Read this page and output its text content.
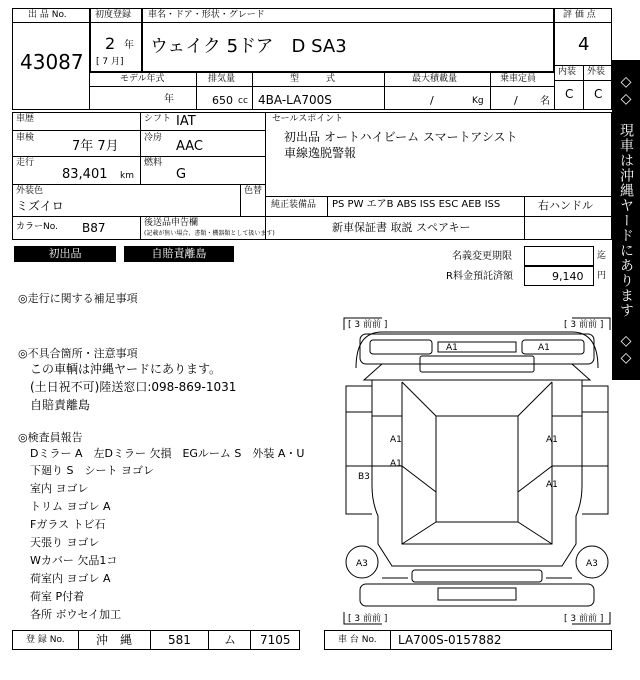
出 品 No.
43087
初度登録
2 年
[ 7 月]
車名・ドア・形状・グレード
ウェイク 5ドア　D SA3
評 価 点
4
内装 外装
C C
モデル年式	排気量	型　　　式	最大積載量	乗車定員
年	650 cc 4BA-LA700S	/	Kg	/ 名
車歴	シフト IAT
車検
7年 7月
冷房
AAC
走行
83,401 km
燃料
G
外装色
ミズイロ
色替
カラーNo. B87	後送品申告欄
(記載が無い場合、書類・機器類として扱います)
セールスポイント
初出品 オートハイビーム スマートアシスト
車線逸脱警報
純正装備品 PS PW エアB ABS ISS ESC AEB ISS	右ハンドル
新車保証書 取説 スペアキー
初出品	自賠責離島	名義変更期限	迄
R料金預託済額	9,140 円
◎走行に関する補足事項
◎不具合箇所・注意事項
この車輌は沖縄ヤードにあります。
(土日祝不可)陸送窓口:098-869-1031
自賠責離島
◎検査員報告
Dミラー A　左Dミラー 欠損　EGルーム S　外装 A・U
下廻り S　シート ヨゴレ
室内 ヨゴレ
トリム ヨゴレ A
Fガラス トビ石
天張り ヨゴレ
Wカバー 欠品1コ
荷室内 ヨゴレ A
荷室 P付着
各所 ボウセイ加工
[ 3 前前 ]	[ 3 前前 ]
[ 3 前前 ]	[ 3 前前 ]
A1	A1
A1	A1
A1
A1
B3
A3	A3
登 録 No.	沖　縄	581	ム 7105	車 台 No. LA700S-0157882
◇◇　現車は沖縄ヤードにあります　◇◇
